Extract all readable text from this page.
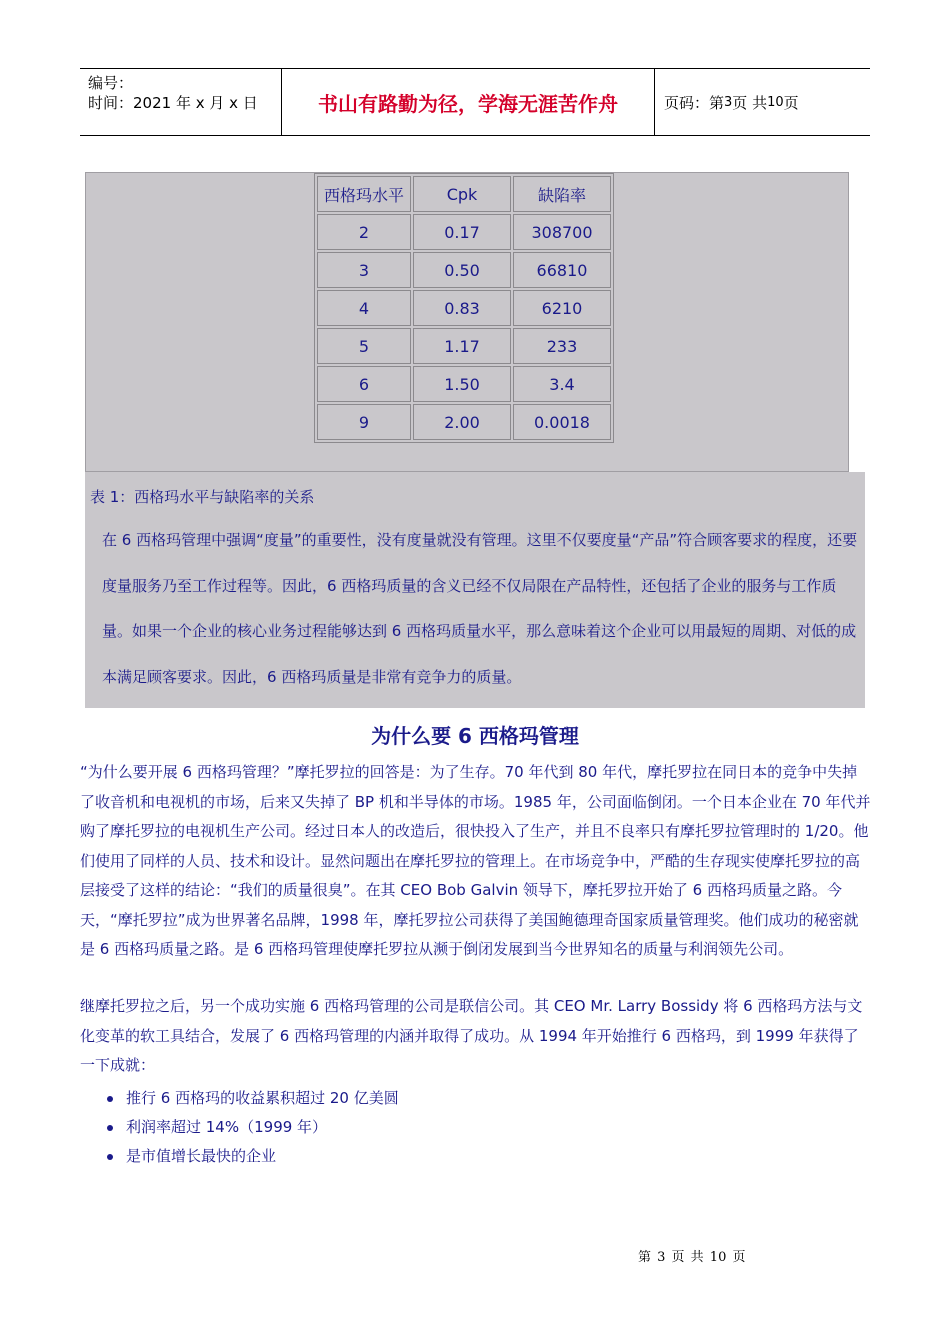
编号：
时间：2021 年 x 月 x 日	书山有路勤为径，学海无涯苦作舟	页码：第 3 页 共 10 页
西格玛水平	Cpk	缺陷率
2	0.17	308700
3	0.50	66810
4	0.83	6210
5	1.17	233
6	1.50	3.4
9	2.00	0.0018
表 1：西格玛水平与缺陷率的关系
在 6 西格玛管理中强调“度量”的重要性，没有度量就没有管理。这里不仅要度量“产品”符合顾客要求的程度，还要度量服务乃至工作过程等。因此，6 西格玛质量的含义已经不仅局限在产品特性，还包括了企业的服务与工作质量。如果一个企业的核心业务过程能够达到 6 西格玛质量水平，那么意味着这个企业可以用最短的周期、对低的成本满足顾客要求。因此，6 西格玛质量是非常有竞争力的质量。
为什么要 6 西格玛管理
“为什么要开展 6 西格玛管理？”摩托罗拉的回答是：为了生存。70 年代到 80 年代，摩托罗拉在同日本的竞争中失掉了收音机和电视机的市场，后来又失掉了 BP 机和半导体的市场。1985 年，公司面临倒闭。一个日本企业在 70 年代并购了摩托罗拉的电视机生产公司。经过日本人的改造后，很快投入了生产，并且不良率只有摩托罗拉管理时的 1/20。他们使用了同样的人员、技术和设计。显然问题出在摩托罗拉的管理上。在市场竞争中，严酷的生存现实使摩托罗拉的高层接受了这样的结论：“我们的质量很臭”。在其 CEO Bob Galvin 领导下，摩托罗拉开始了 6 西格玛质量之路。今天，“摩托罗拉”成为世界著名品牌，1998 年，摩托罗拉公司获得了美国鲍德理奇国家质量管理奖。他们成功的秘密就是 6 西格玛质量之路。是 6 西格玛管理使摩托罗拉从濒于倒闭发展到当今世界知名的质量与利润领先公司。
继摩托罗拉之后，另一个成功实施 6 西格玛管理的公司是联信公司。其 CEO Mr. Larry Bossidy 将 6 西格玛方法与文化变革的软工具结合，发展了 6 西格玛管理的内涵并取得了成功。从 1994 年开始推行 6 西格玛，到 1999 年获得了一下成就：
推行 6 西格玛的收益累积超过 20 亿美圆
利润率超过 14%（1999 年）
是市值增长最快的企业
第 3 页 共 10 页
